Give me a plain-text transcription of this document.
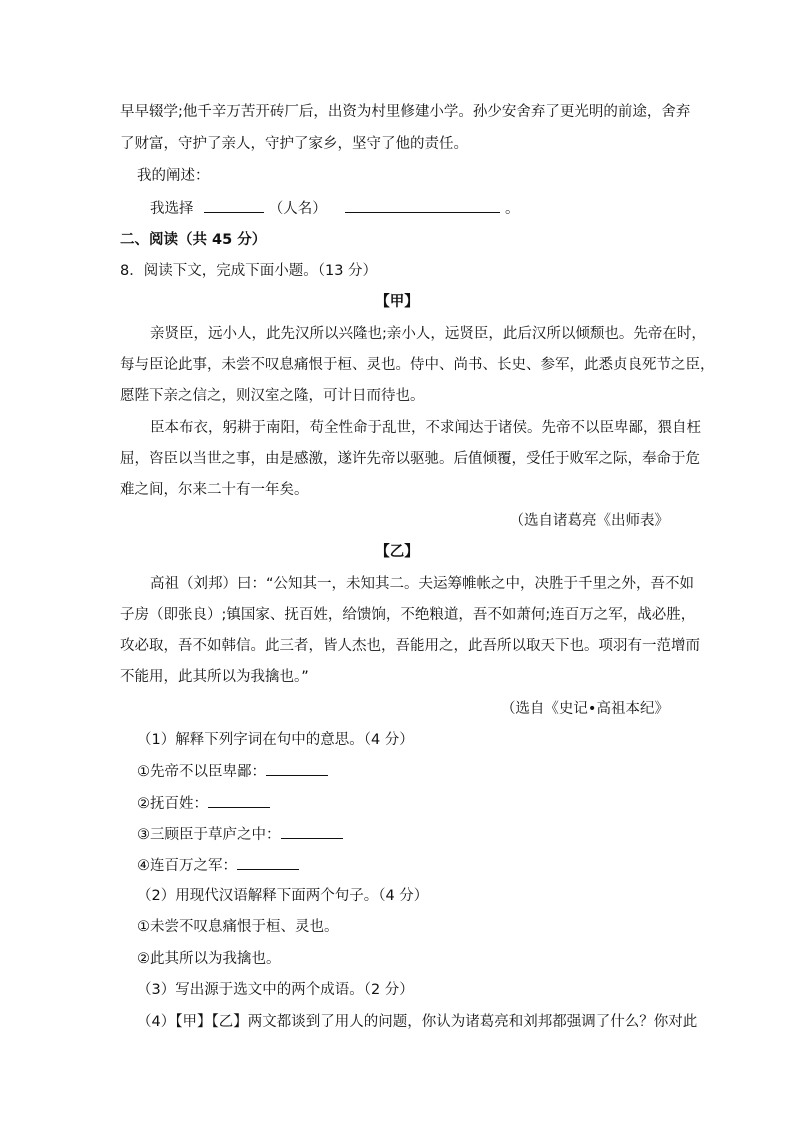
早早辍学;他千辛万苦开砖厂后，出资为村里修建小学。孙少安舍弃了更光明的前途，舍弃
了财富，守护了亲人，守护了家乡，坚守了他的责任。
我的阐述：
我选择	（人名）	。
二、阅读（共 45 分）
8．阅读下文，完成下面小题。（13 分）
【甲】
亲贤臣，远小人，此先汉所以兴隆也;亲小人，远贤臣，此后汉所以倾颓也。先帝在时，
每与臣论此事，未尝不叹息痛恨于桓、灵也。侍中、尚书、长史、参军，此悉贞良死节之臣，
愿陛下亲之信之，则汉室之隆，可计日而待也。
臣本布衣，躬耕于南阳，苟全性命于乱世，不求闻达于诸侯。先帝不以臣卑鄙，猥自枉
屈，咨臣以当世之事，由是感激，遂许先帝以驱驰。后值倾覆，受任于败军之际，奉命于危
难之间，尔来二十有一年矣。
（选自诸葛亮《出师表》
【乙】
高祖（刘邦）曰：“公知其一，未知其二。夫运筹帷帐之中，决胜于千里之外，吾不如
子房（即张良）;镇国家、抚百姓，给馈饷，不绝粮道，吾不如萧何;连百万之军，战必胜，
攻必取，吾不如韩信。此三者，皆人杰也，吾能用之，此吾所以取天下也。项羽有一范增而
不能用，此其所以为我擒也。”
（选自《史记•高祖本纪》
（1）解释下列字词在句中的意思。（4 分）
①先帝不以臣卑鄙：
②抚百姓：
③三顾臣于草庐之中：
④连百万之军：
（2）用现代汉语解释下面两个句子。（4 分）
①未尝不叹息痛恨于桓、灵也。
②此其所以为我擒也。
（3）写出源于选文中的两个成语。（2 分）
（4）【甲】【乙】两文都谈到了用人的问题，你认为诸葛亮和刘邦都强调了什么？你对此
